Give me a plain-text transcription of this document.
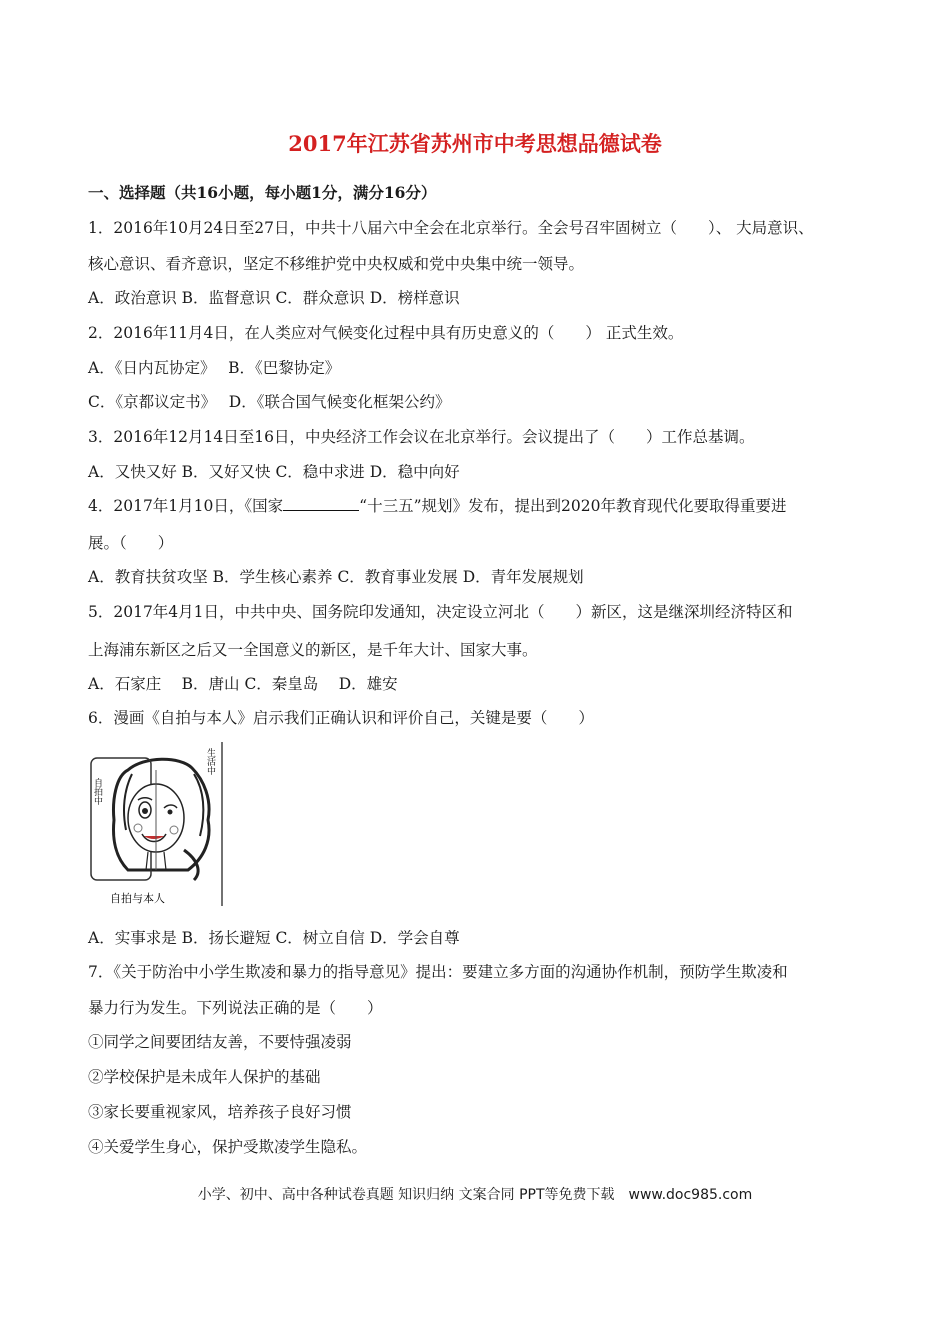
2017年江苏省苏州市中考思想品德试卷
一、选择题（共16小题，每小题1分，满分16分）
1．2016年10月24日至27日，中共十八届六中全会在北京举行。全会号召牢固树立（　　）、 大局意识、
核心意识、看齐意识，坚定不移维护党中央权威和党中央集中统一领导。
A．政治意识 B．监督意识 C．群众意识 D．榜样意识
2．2016年11月4日，在人类应对气候变化过程中具有历史意义的（　　） 正式生效。
A．《日内瓦协定》　 B．《巴黎协定》
C．《京都议定书》　 D．《联合国气候变化框架公约》
3．2016年12月14日至16日，中央经济工作会议在北京举行。会议提出了（　　）工作总基调。
A．又快又好 B．又好又快 C．稳中求进 D．稳中向好
4．2017年1月10日，《国家	“十三五”规划》发布，提出到2020年教育现代化要取得重要进
展。（　　）
A．教育扶贫攻坚 B．学生核心素养 C．教育事业发展 D．青年发展规划
5．2017年4月1日，中共中央、国务院印发通知，决定设立河北（　　）新区，这是继深圳经济特区和
上海浦东新区之后又一全国意义的新区，是千年大计、国家大事。
A．石家庄　 B．唐山 C．秦皇岛　 D．雄安
6．漫画《自拍与本人》启示我们正确认识和评价自己，关键是要（　　）
自拍中
生活中
自拍与本人
A．实事求是 B．扬长避短 C．树立自信 D．学会自尊
7．《关于防治中小学生欺凌和暴力的指导意见》提出：要建立多方面的沟通协作机制，预防学生欺凌和
暴力行为发生。下列说法正确的是（　　）
①同学之间要团结友善，不要恃强凌弱
②学校保护是未成年人保护的基础
③家长要重视家风，培养孩子良好习惯
④关爱学生身心，保护受欺凌学生隐私。
小学、初中、高中各种试卷真题 知识归纳 文案合同 PPT等免费下载　www.doc985.com
